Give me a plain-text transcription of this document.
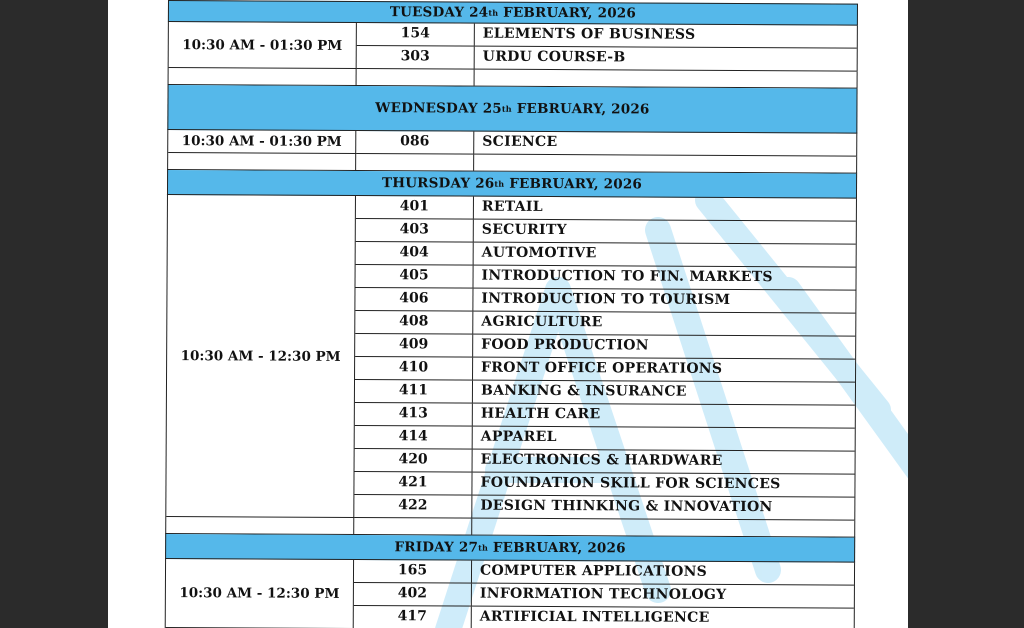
TUESDAY 24 th FEBRUARY, 2026
10:30 AM - 01:30 PM
154	ELEMENTS OF BUSINESS
303	URDU COURSE-B
WEDNESDAY 25 th FEBRUARY, 2026
10:30 AM - 01:30 PM	086	SCIENCE
THURSDAY 26 th FEBRUARY, 2026
10:30 AM - 12:30 PM
401	RETAIL
403	SECURITY
404	AUTOMOTIVE
405	INTRODUCTION TO FIN. MARKETS
406	INTRODUCTION TO TOURISM
408	AGRICULTURE
409	FOOD PRODUCTION
410	FRONT OFFICE OPERATIONS
411	BANKING & INSURANCE
413	HEALTH CARE
414	APPAREL
420	ELECTRONICS & HARDWARE
421	FOUNDATION SKILL FOR SCIENCES
422	DESIGN THINKING & INNOVATION
FRIDAY 27 th FEBRUARY, 2026
10:30 AM - 12:30 PM
165	COMPUTER APPLICATIONS
402	INFORMATION TECHNOLOGY
417	ARTIFICIAL INTELLIGENCE
